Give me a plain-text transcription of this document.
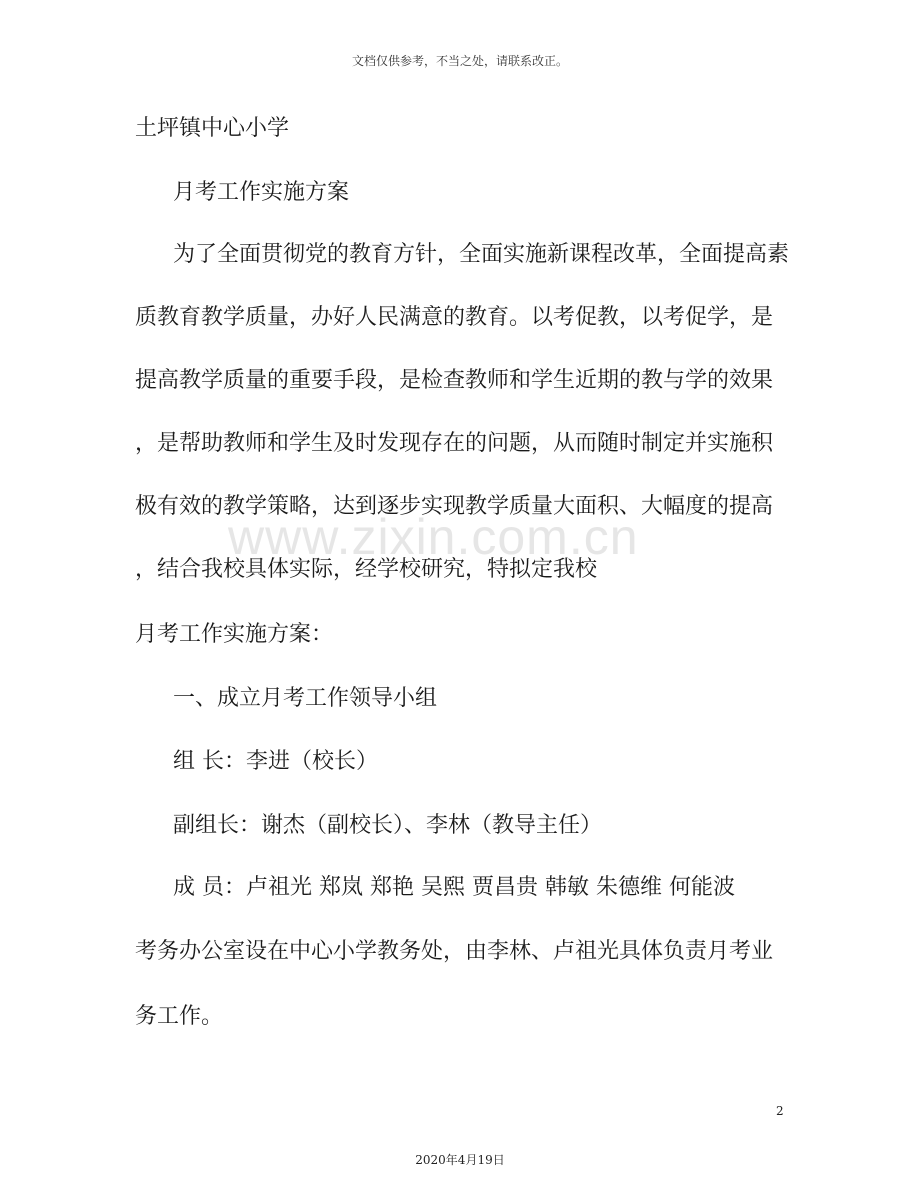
文档仅供参考，不当之处，请联系改正。
www.zixin.com.cn
土坪镇中心小学
月考工作实施方案
为了全面贯彻党的教育方针，全面实施新课程改革，全面提高素
质教育教学质量，办好人民满意的教育。以考促教，以考促学，是
提高教学质量的重要手段，是检查教师和学生近期的教与学的效果
，是帮助教师和学生及时发现存在的问题，从而随时制定并实施积
极有效的教学策略，达到逐步实现教学质量大面积、大幅度的提高
，结合我校具体实际，经学校研究，特拟定我校
月考工作实施方案：
一、成立月考工作领导小组
组 长：李进（校长）
副组长：谢杰（副校长）、李林（教导主任）
成 员：卢祖光 郑岚 郑艳 吴熙 贾昌贵 韩敏 朱德维 何能波
考务办公室设在中心小学教务处，由李林、卢祖光具体负责月考业
务工作。
2
2020年4月19日
